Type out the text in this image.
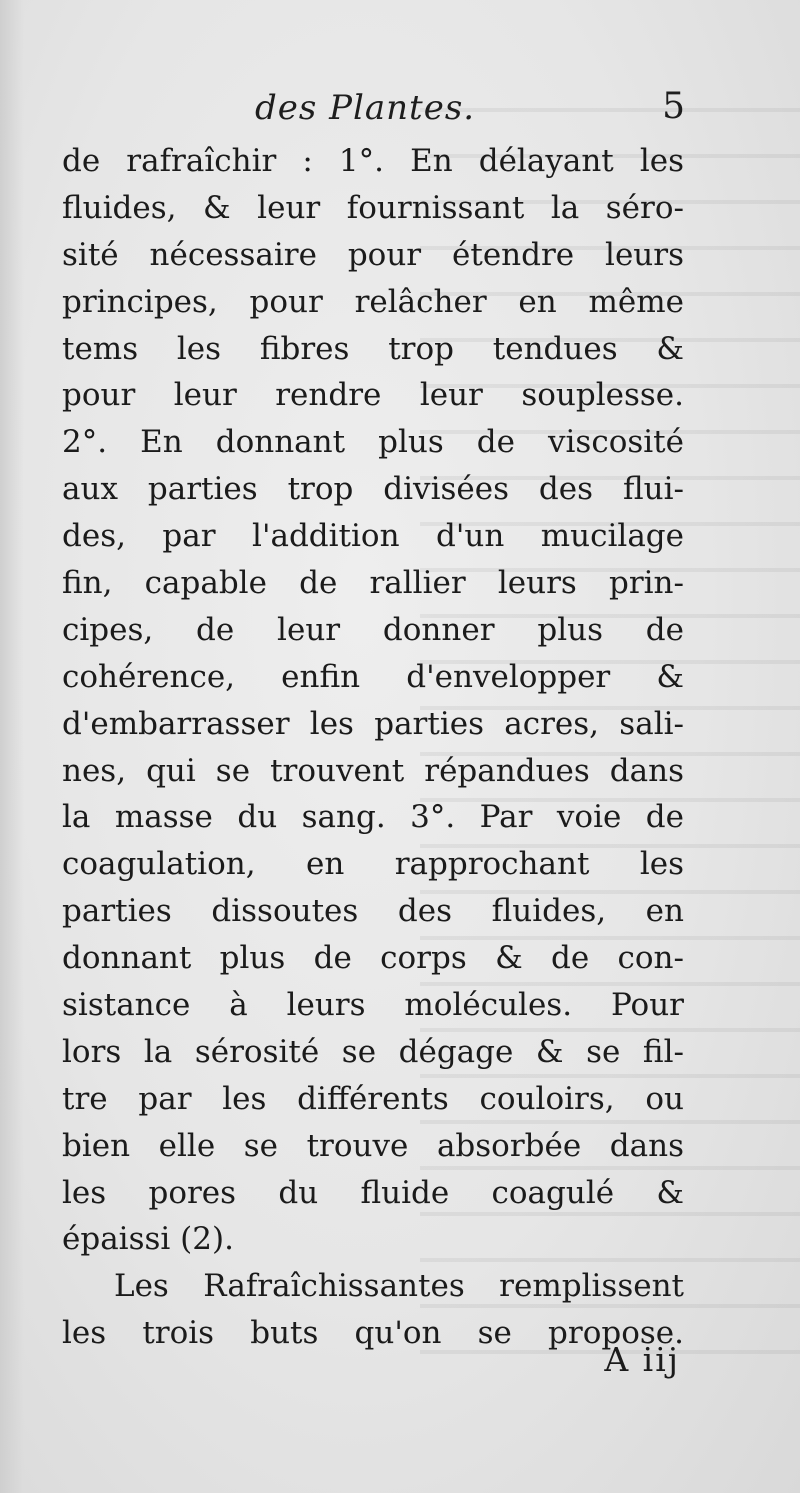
des Plantes.	5
de rafraîchir : 1°. En délayant les
fluides, & leur fournissant la séro-
sité nécessaire pour étendre leurs
principes, pour relâcher en même
tems les fibres trop tendues &
pour leur rendre leur souplesse.
2°. En donnant plus de viscosité
aux parties trop divisées des flui-
des, par l'addition d'un mucilage
fin, capable de rallier leurs prin-
cipes, de leur donner plus de
cohérence, enfin d'envelopper &
d'embarrasser les parties acres, sali-
nes, qui se trouvent répandues dans
la masse du sang. 3°. Par voie de
coagulation, en rapprochant les
parties dissoutes des fluides, en
donnant plus de corps & de con-
sistance à leurs molécules. Pour
lors la sérosité se dégage & se fil-
tre par les différents couloirs, ou
bien elle se trouve absorbée dans
les pores du fluide coagulé &
épaissi (2).
Les Rafraîchissantes remplissent
les trois buts qu'on se propose.
A iij
